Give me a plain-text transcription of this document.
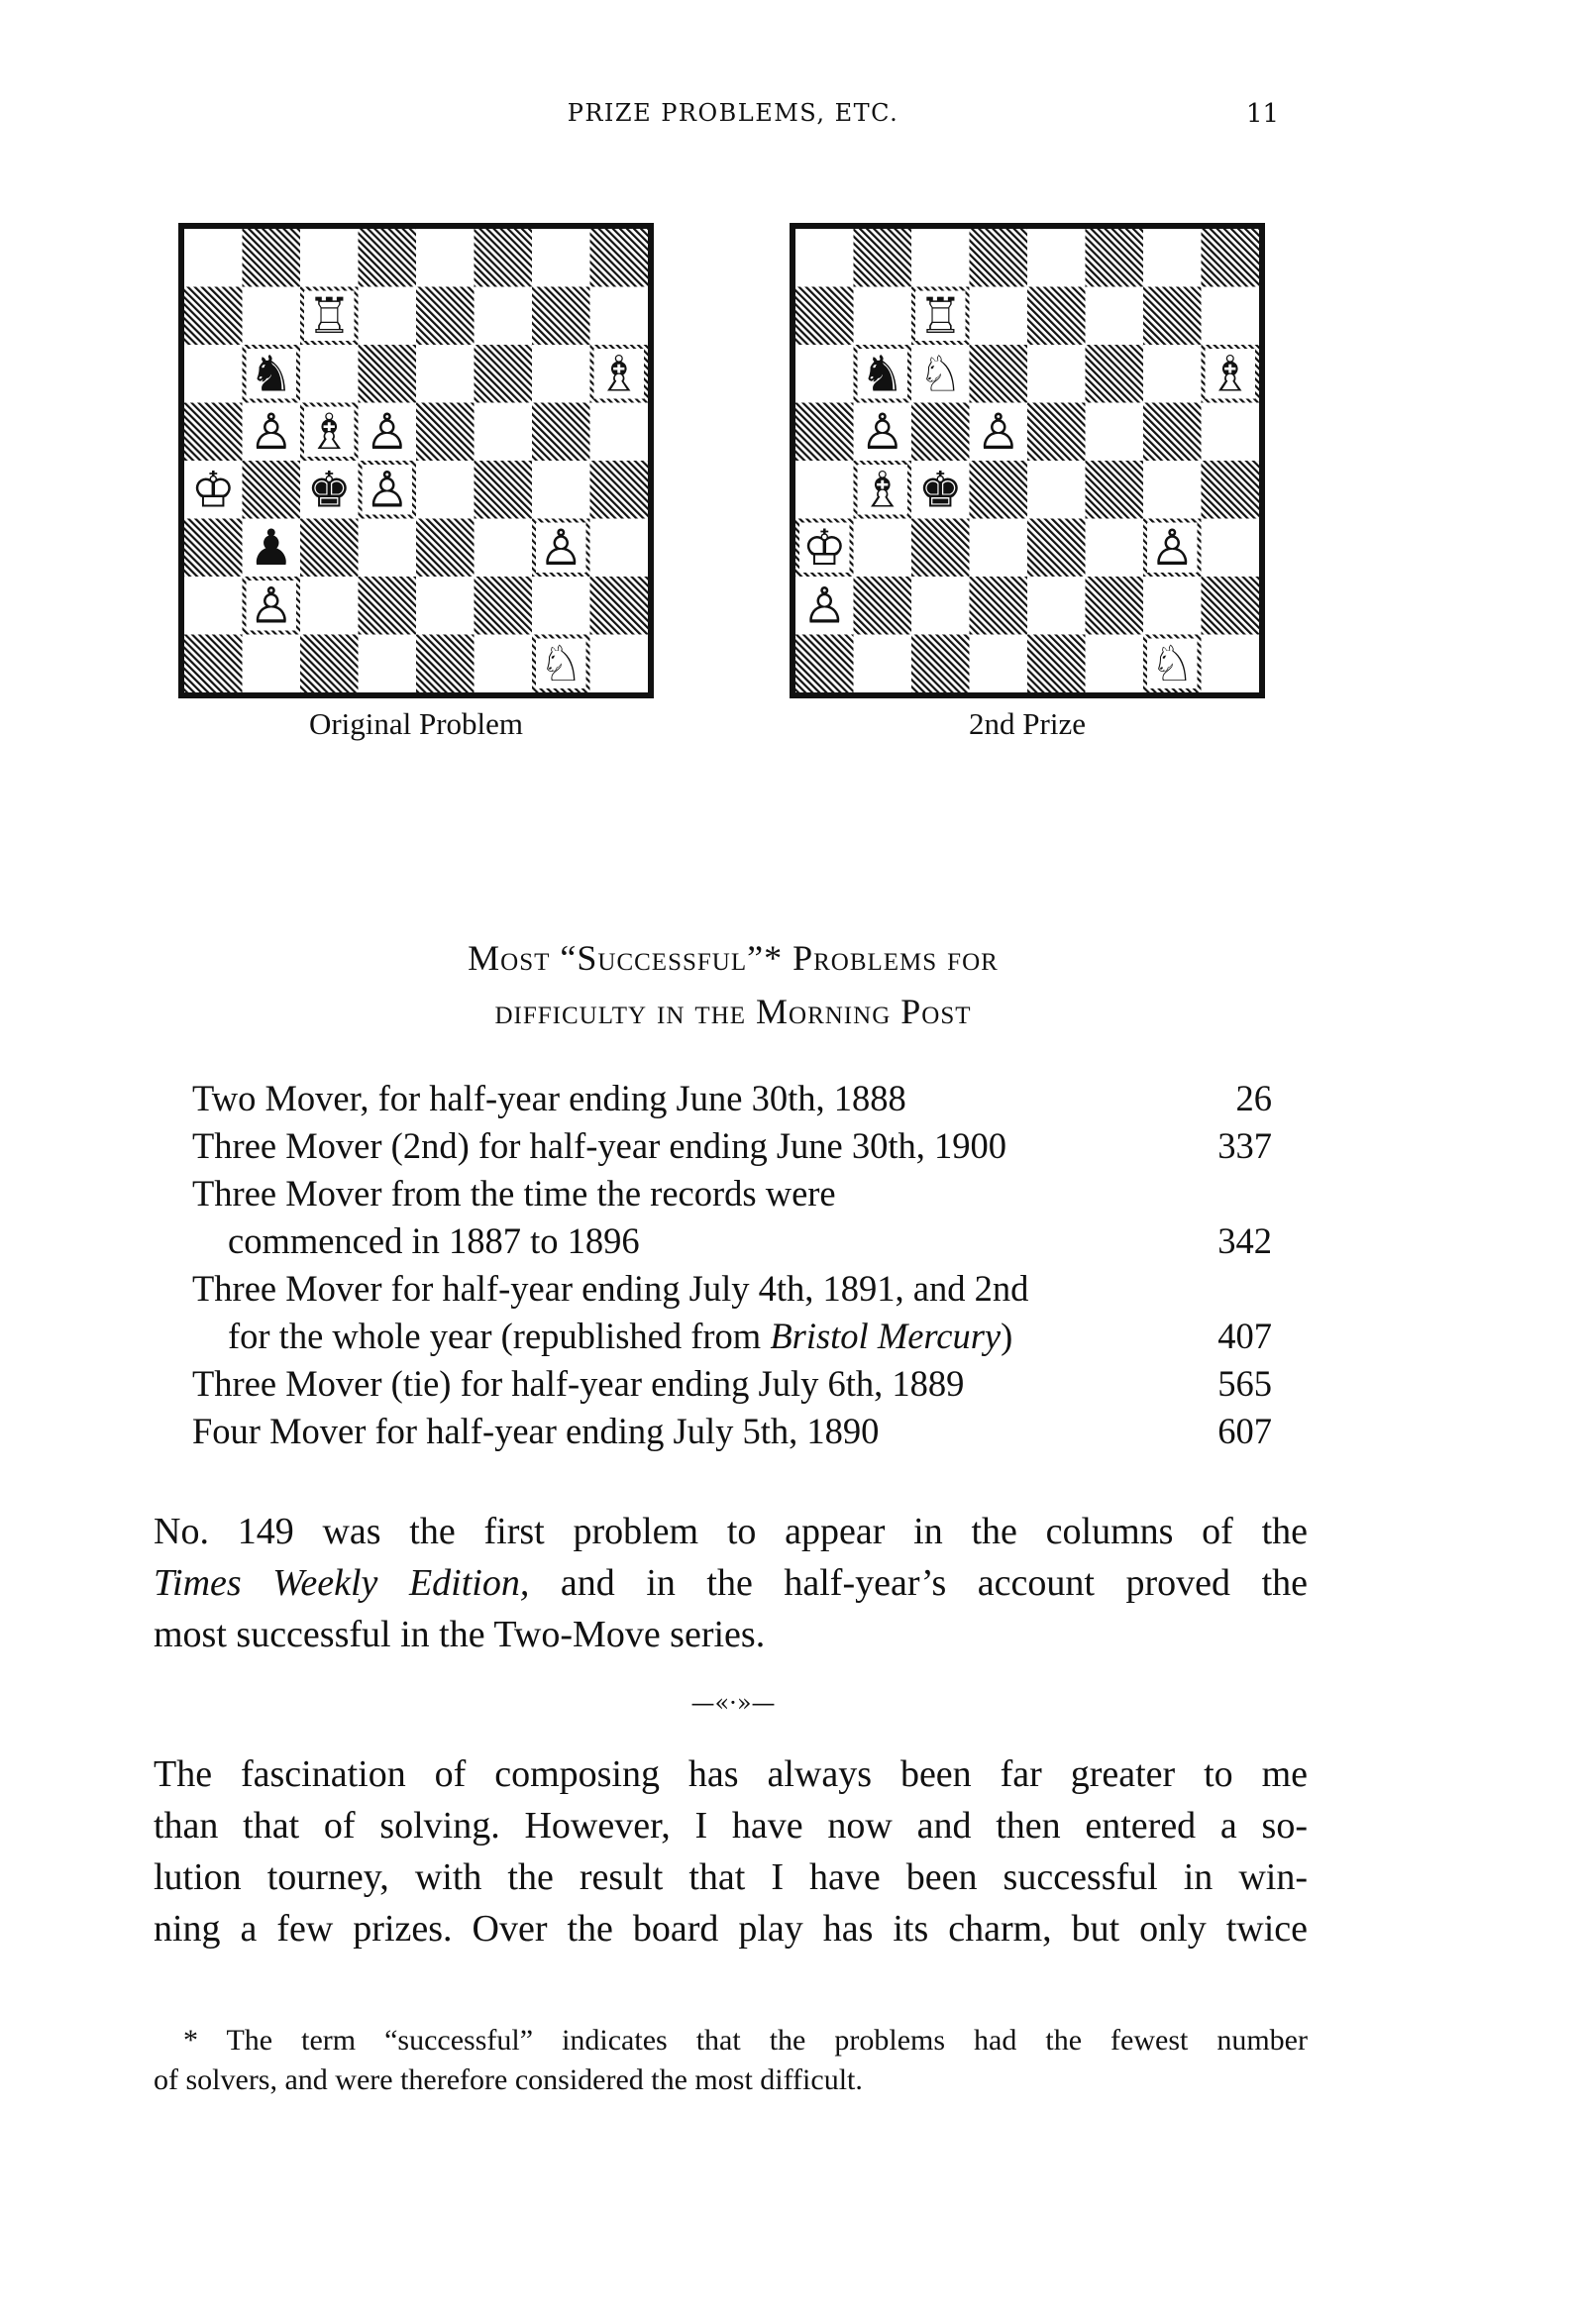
PRIZE PROBLEMS, ETC.	11
♖
♞	♗
♙ ♗ ♙
♔ ♚ ♙
♟	♙
♙
♘
Original Problem
♖
♞ ♘	♗
♙ ♙
♗ ♚
♔	♙
♙
♘
2nd Prize
Most “Successful”* Problems for
difficulty in the Morning Post
Two Mover, for half-year ending June 30th, 1888	26
Three Mover (2nd) for half-year ending June 30th, 1900	337
Three Mover from the time the records were
commenced in 1887 to 1896	342
Three Mover for half-year ending July 4th, 1891, and 2nd
for the whole year (republished from Bristol Mercury)	407
Three Mover (tie) for half-year ending July 6th, 1889	565
Four Mover for half-year ending July 5th, 1890	607
No. 149 was the first problem to appear in the columns of the
Times Weekly Edition, and in the half-year’s account proved the
most successful in the Two-Move series.
—«·»—
The fascination of composing has always been far greater to me
than that of solving. However, I have now and then entered a so-
lution tourney, with the result that I have been successful in win-
ning a few prizes. Over the board play has its charm, but only twice
* The term “successful” indicates that the problems had the fewest number
of solvers, and were therefore considered the most difficult.
